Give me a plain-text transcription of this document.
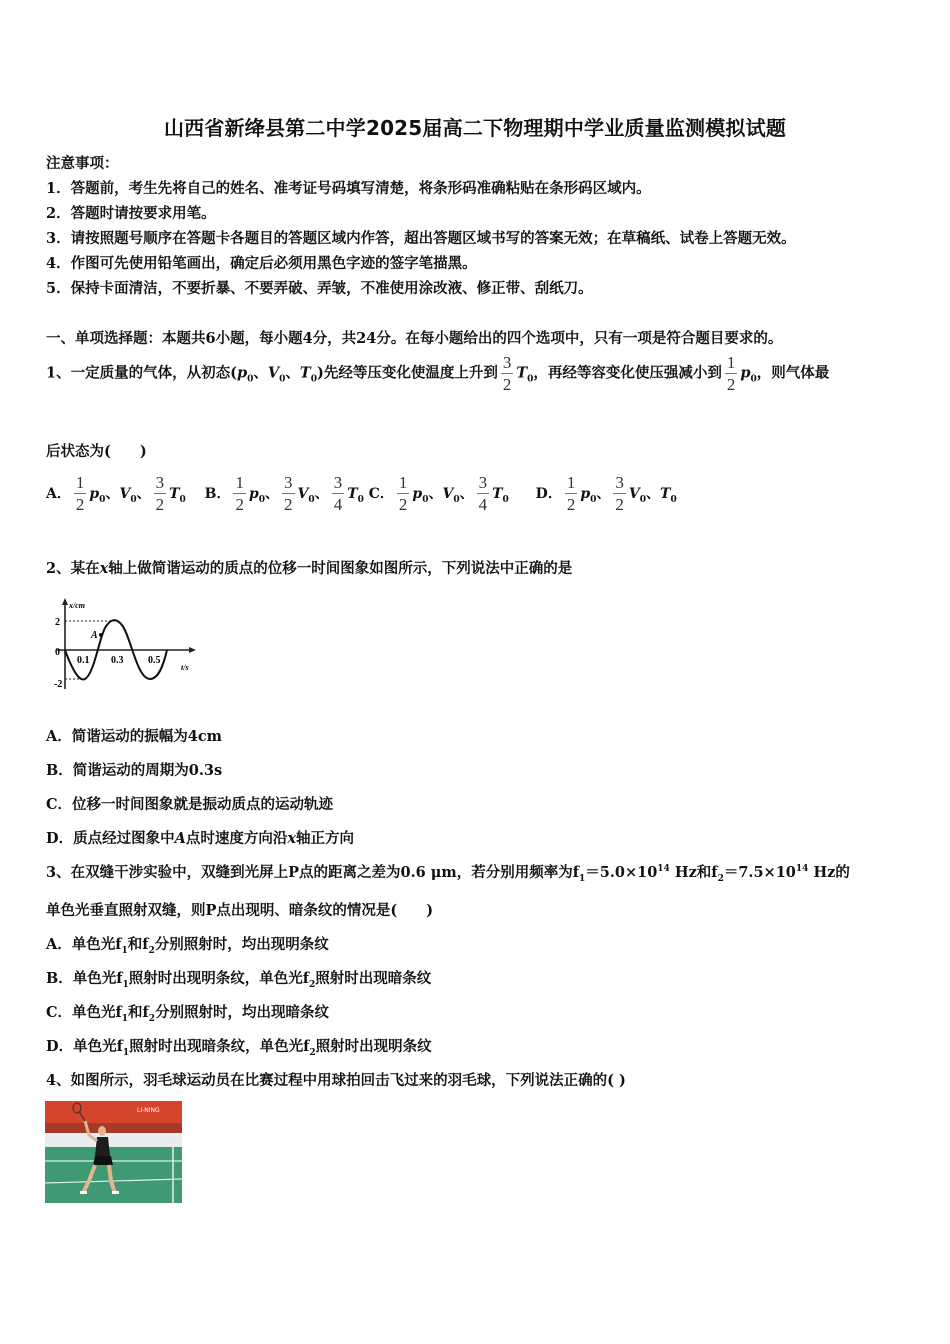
山西省新绛县第二中学2025届高二下物理期中学业质量监测模拟试题
注意事项：
1．答题前，考生先将自己的姓名、准考证号码填写清楚，将条形码准确粘贴在条形码区域内。
2．答题时请按要求用笔。
3．请按照题号顺序在答题卡各题目的答题区域内作答，超出答题区域书写的答案无效；在草稿纸、试卷上答题无效。
4．作图可先使用铅笔画出，确定后必须用黑色字迹的签字笔描黑。
5．保持卡面清洁，不要折暴、不要弄破、弄皱，不准使用涂改液、修正带、刮纸刀。
一、单项选择题：本题共6小题，每小题4分，共24分。在每小题给出的四个选项中，只有一项是符合题目要求的。
1、一定质量的气体，从初态($p_0$、$V_0$、$T_0$)先经等压变化使温度上升到 $\frac{3}{2} T_0$，再经等容变化使压强减小到 $\frac{1}{2} p_0$，则气体最
后状态为(　　)
A． $\frac{1}{2} p_0$、$V_0$、 $\frac{3}{2} T_0$ B． $\frac{1}{2} p_0$、 $\frac{3}{2} V_0$、 $\frac{3}{4} T_0$ C． $\frac{1}{2} p_0$、$V_0$、 $\frac{3}{4} T_0$ D． $\frac{1}{2} p_0$、 $\frac{3}{2} V_0$、$T_0$
2、某在x轴上做简谐运动的质点的位移一时间图象如图所示，下列说法中正确的是
A
x/cm
2
0
-2
0.1 0.3 0.5
t/s
A．简谐运动的振幅为4cm
B．简谐运动的周期为0.3s
C．位移一时间图象就是振动质点的运动轨迹
D．质点经过图象中A点时速度方向沿x轴正方向
3、在双缝干涉实验中，双缝到光屏上P点的距离之差为0.6 μm，若分别用频率为$f_1=5.0\times 10^{14}$ Hz和$f_2=7.5\times 10^{14}$ Hz的
单色光垂直照射双缝，则P点出现明、暗条纹的情况是(　　)
A．单色光$f_1$和$f_2$分别照射时，均出现明条纹
B．单色光$f_1$照射时出现明条纹，单色光$f_2$照射时出现暗条纹
C．单色光$f_1$和$f_2$分别照射时，均出现暗条纹
D．单色光$f_1$照射时出现暗条纹，单色光$f_2$照射时出现明条纹
4、如图所示，羽毛球运动员在比赛过程中用球拍回击飞过来的羽毛球，下列说法正确的( )
LI-NING
